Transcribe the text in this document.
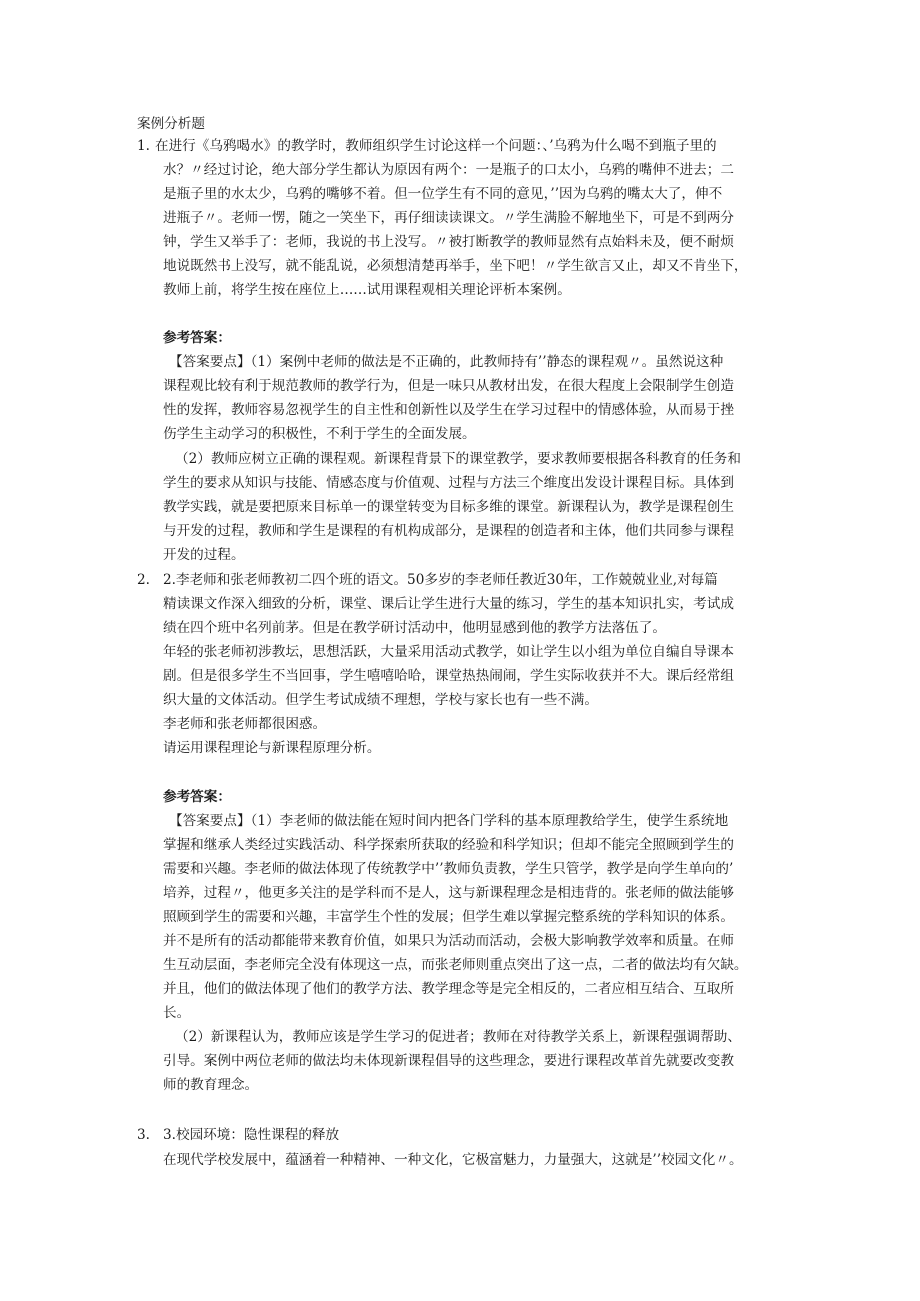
案例分析题
1. 在进行《乌鸦喝水》的教学时，教师组织学生讨论这样一个问题：、’乌鸦为什么喝不到瓶子里的
水？〃经过讨论，绝大部分学生都认为原因有两个：一是瓶子的口太小，乌鸦的嘴伸不进去；二
是瓶子里的水太少，乌鸦的嘴够不着。但一位学生有不同的意见，’’因为乌鸦的嘴太大了，伸不
进瓶子〃。老师一愣，随之一笑坐下，再仔细读读课文。〃学生满脸不解地坐下，可是不到两分
钟，学生又举手了：老师，我说的书上没写。〃被打断教学的教师显然有点始料未及，便不耐烦
地说既然书上没写，就不能乱说，必须想清楚再举手，坐下吧！〃学生欲言又止，却又不肯坐下，
教师上前，将学生按在座位上……试用课程观相关理论评析本案例。
参考答案：
【答案要点】（1）案例中老师的做法是不正确的，此教师持有’’静态的课程观〃。虽然说这种
课程观比较有利于规范教师的教学行为，但是一味只从教材出发，在很大程度上会限制学生创造
性的发挥，教师容易忽视学生的自主性和创新性以及学生在学习过程中的情感体验，从而易于挫
伤学生主动学习的积极性，不利于学生的全面发展。
（2）教师应树立正确的课程观。新课程背景下的课堂教学，要求教师要根据各科教育的任务和
学生的要求从知识与技能、情感态度与价值观、过程与方法三个维度出发设计课程目标。具体到
教学实践，就是要把原来目标单一的课堂转变为目标多维的课堂。新课程认为，教学是课程创生
与开发的过程，教师和学生是课程的有机构成部分，是课程的创造者和主体，他们共同参与课程
开发的过程。
2. 2.李老师和张老师教初二四个班的语文。50多岁的李老师任教近30年，工作兢兢业业,对每篇
精读课文作深入细致的分析，课堂、课后让学生进行大量的练习，学生的基本知识扎实，考试成
绩在四个班中名列前茅。但是在教学研讨活动中，他明显感到他的教学方法落伍了。
年轻的张老师初涉教坛，思想活跃，大量采用活动式教学，如让学生以小组为单位自编自导课本
剧。但是很多学生不当回事，学生嘻嘻哈哈，课堂热热闹闹，学生实际收获并不大。课后经常组
织大量的文体活动。但学生考试成绩不理想，学校与家长也有一些不满。
李老师和张老师都很困惑。
请运用课程理论与新课程原理分析。
参考答案：
【答案要点】（1）李老师的做法能在短时间内把各门学科的基本原理教给学生，使学生系统地
掌握和继承人类经过实践活动、科学探索所获取的经验和科学知识；但却不能完全照顾到学生的
需要和兴趣。李老师的做法体现了传统教学中’’教师负责教，学生只管学，教学是向学生单向的’
培养，过程〃，他更多关注的是学科而不是人，这与新课程理念是相违背的。张老师的做法能够
照顾到学生的需要和兴趣，丰富学生个性的发展；但学生难以掌握完整系统的学科知识的体系。
并不是所有的活动都能带来教育价值，如果只为活动而活动，会极大影响教学效率和质量。在师
生互动层面，李老师完全没有体现这一点，而张老师则重点突出了这一点，二者的做法均有欠缺。
并且，他们的做法体现了他们的教学方法、教学理念等是完全相反的，二者应相互结合、互取所
长。
（2）新课程认为，教师应该是学生学习的促进者；教师在对待教学关系上，新课程强调帮助、
引导。案例中两位老师的做法均未体现新课程倡导的这些理念，要进行课程改革首先就要改变教
师的教育理念。
3. 3.校园环境：隐性课程的释放
在现代学校发展中，蕴涵着一种精神、一种文化，它极富魅力，力量强大，这就是’’校园文化〃。
